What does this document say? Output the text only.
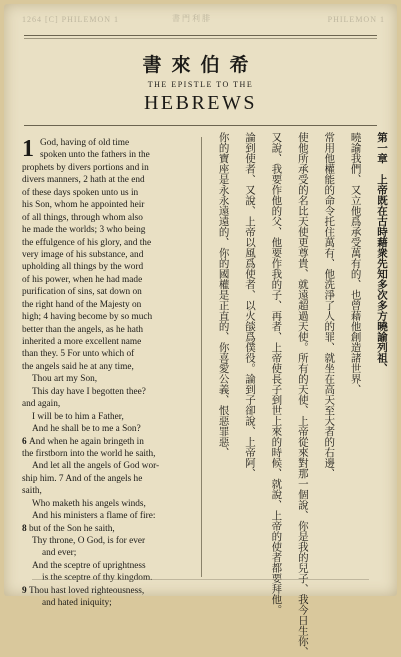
1264 [C] PHILEMON 1	書門利腓	PHILEMON 1
書來伯希
THE EPISTLE TO THE
HEBREWS
1 God, having of old time
spoken unto the fathers in the
prophets by divers portions and in
divers manners, 2 hath at the end
of these days spoken unto us in
his Son, whom he appointed heir
of all things, through whom also
he made the worlds; 3 who being
the effulgence of his glory, and the
very image of his substance, and
upholding all things by the word
of his power, when he had made
purification of sins, sat down on
the right hand of the Majesty on
high; 4 having become by so much
better than the angels, as he hath
inherited a more excellent name
than they. 5 For unto which of
the angels said he at any time,
Thou art my Son,
This day have I begotten thee?
and again,
I will be to him a Father,
And he shall be to me a Son?
6 And when he again bringeth in
the firstborn into the world he saith,
And let all the angels of God wor-
ship him. 7 And of the angels he
saith,
Who maketh his angels winds,
And his ministers a flame of fire:
8 but of the Son he saith,
Thy throne, O God, is for ever
and ever;
And the sceptre of uprightness
is the sceptre of thy kingdom.
9 Thou hast loved righteousness,
and hated iniquity;
第一章　上帝既在古時藉衆先知多次多方曉諭列祖、
曉諭我們、又立他爲承受萬有的、也曾藉他創造諸世界、
常用他權能的命令托住萬有、他洗淨了人的罪、就坐在高天至大者的右邊、
使他所承受的名比天使更尊貴、就遠超過天使。所有的天使、上帝從來對那一個說、你是我的兒子、我今日生你、
又說、我要作他的父、他要作我的子、再者、上帝使長子到世上來的時候、就說、上帝的使者都要拜他。
論到使者、又說、上帝以風爲使者、以火燄爲僕役。論到子卻說、上帝阿、
你的寶座是永永遠遠的、你的國權是正直的、你喜愛公義、恨惡罪惡、
